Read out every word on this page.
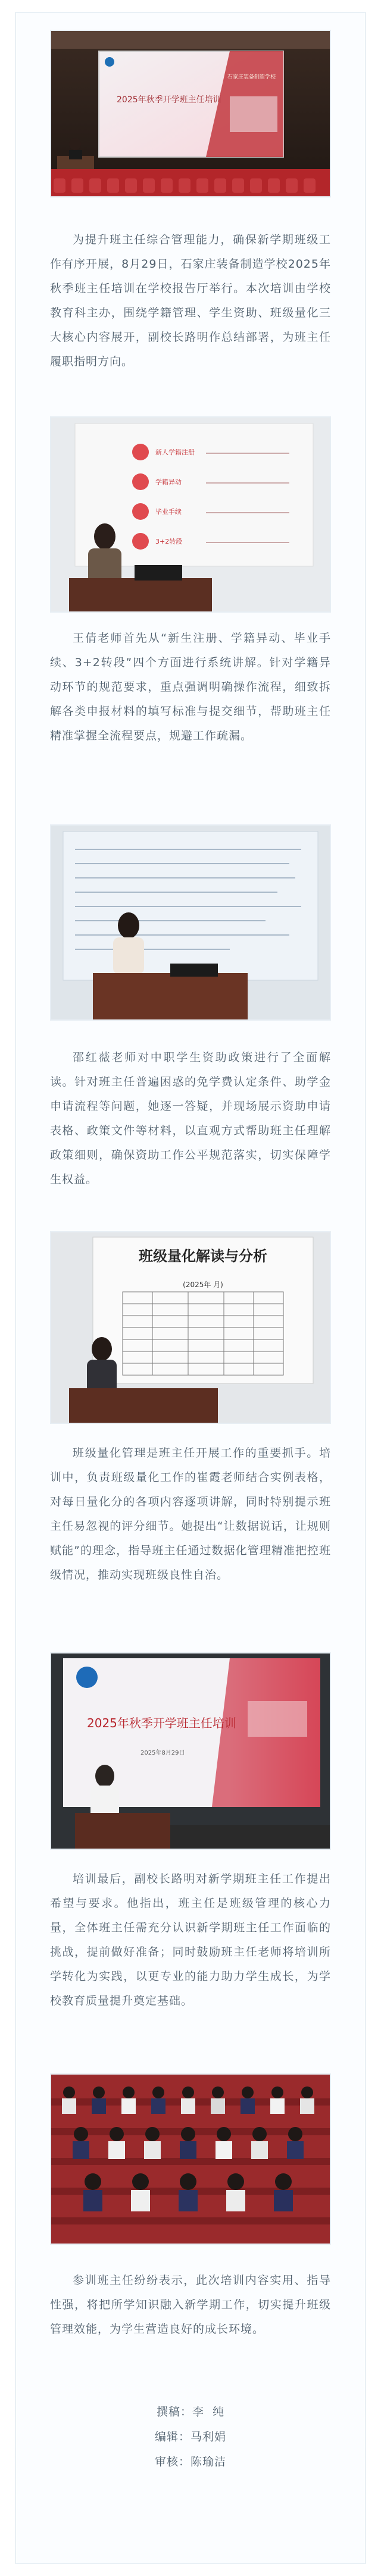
2025年秋季开学班主任培训
石家庄装备制造学校

为提升班主任综合管理能力，确保新学期班级工作有序开展，8月29日，石家庄装备制造学校2025年秋季班主任培训在学校报告厅举行。本次培训由学校教育科主办，围绕学籍管理、学生资助、班级量化三大核心内容展开，副校长路明作总结部署，为班主任履职指明方向。

新人学籍注册
学籍异动
毕业手续
3+2转段

王倩老师首先从“新生注册、学籍异动、毕业手续、3+2转段”四个方面进行系统讲解。针对学籍异动环节的规范要求，重点强调明确操作流程，细致拆解各类申报材料的填写标准与提交细节，帮助班主任精准掌握全流程要点，规避工作疏漏。

邵红薇老师对中职学生资助政策进行了全面解读。针对班主任普遍困惑的免学费认定条件、助学金申请流程等问题，她逐一答疑，并现场展示资助申请表格、政策文件等材料，以直观方式帮助班主任理解政策细则，确保资助工作公平规范落实，切实保障学生权益。

班级量化解读与分析
(2025年 月)

班级量化管理是班主任开展工作的重要抓手。培训中，负责班级量化工作的崔霞老师结合实例表格，对每日量化分的各项内容逐项讲解，同时特别提示班主任易忽视的评分细节。她提出“让数据说话，让规则赋能”的理念，指导班主任通过数据化管理精准把控班级情况，推动实现班级良性自治。

2025年秋季开学班主任培训
2025年8月29日

培训最后，副校长路明对新学期班主任工作提出希望与要求。他指出，班主任是班级管理的核心力量，全体班主任需充分认识新学期班主任工作面临的挑战，提前做好准备；同时鼓励班主任老师将培训所学转化为实践，以更专业的能力助力学生成长，为学校教育质量提升奠定基础。

参训班主任纷纷表示，此次培训内容实用、指导性强，将把所学知识融入新学期工作，切实提升班级管理效能，为学生营造良好的成长环境。

撰稿：李  纯
编辑：马利娟
审核：陈瑜洁
